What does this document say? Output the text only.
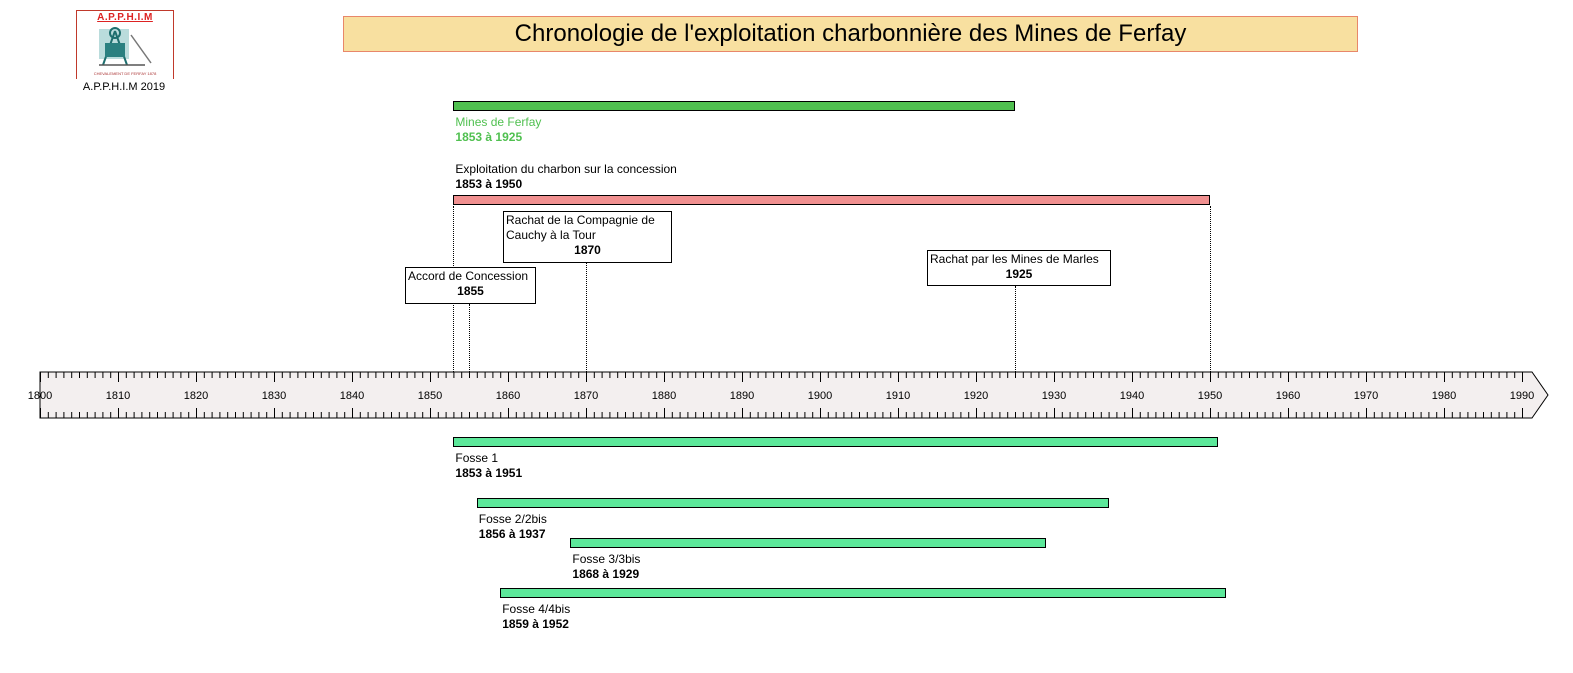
A.P.P.H.I.M
CHEVALEMENT DE FERFAY 1878
A.P.P.H.I.M 2019
Chronologie de l'exploitation charbonnière des Mines de Ferfay
Mines de Ferfay
1853 à 1925
Exploitation du charbon sur la concession
1853 à 1950
Accord de Concession
1855
Rachat de la Compagnie de Cauchy à la Tour
1870
Rachat par les Mines de Marles
1925
1800	1810	1820	1830	1840	1850	1860	1870	1880	1890	1900	1910	1920	1930	1940	1950	1960	1970	1980	1990
Fosse 1
1853 à 1951
Fosse 2/2bis
1856 à 1937
Fosse 3/3bis
1868 à 1929
Fosse 4/4bis
1859 à 1952
